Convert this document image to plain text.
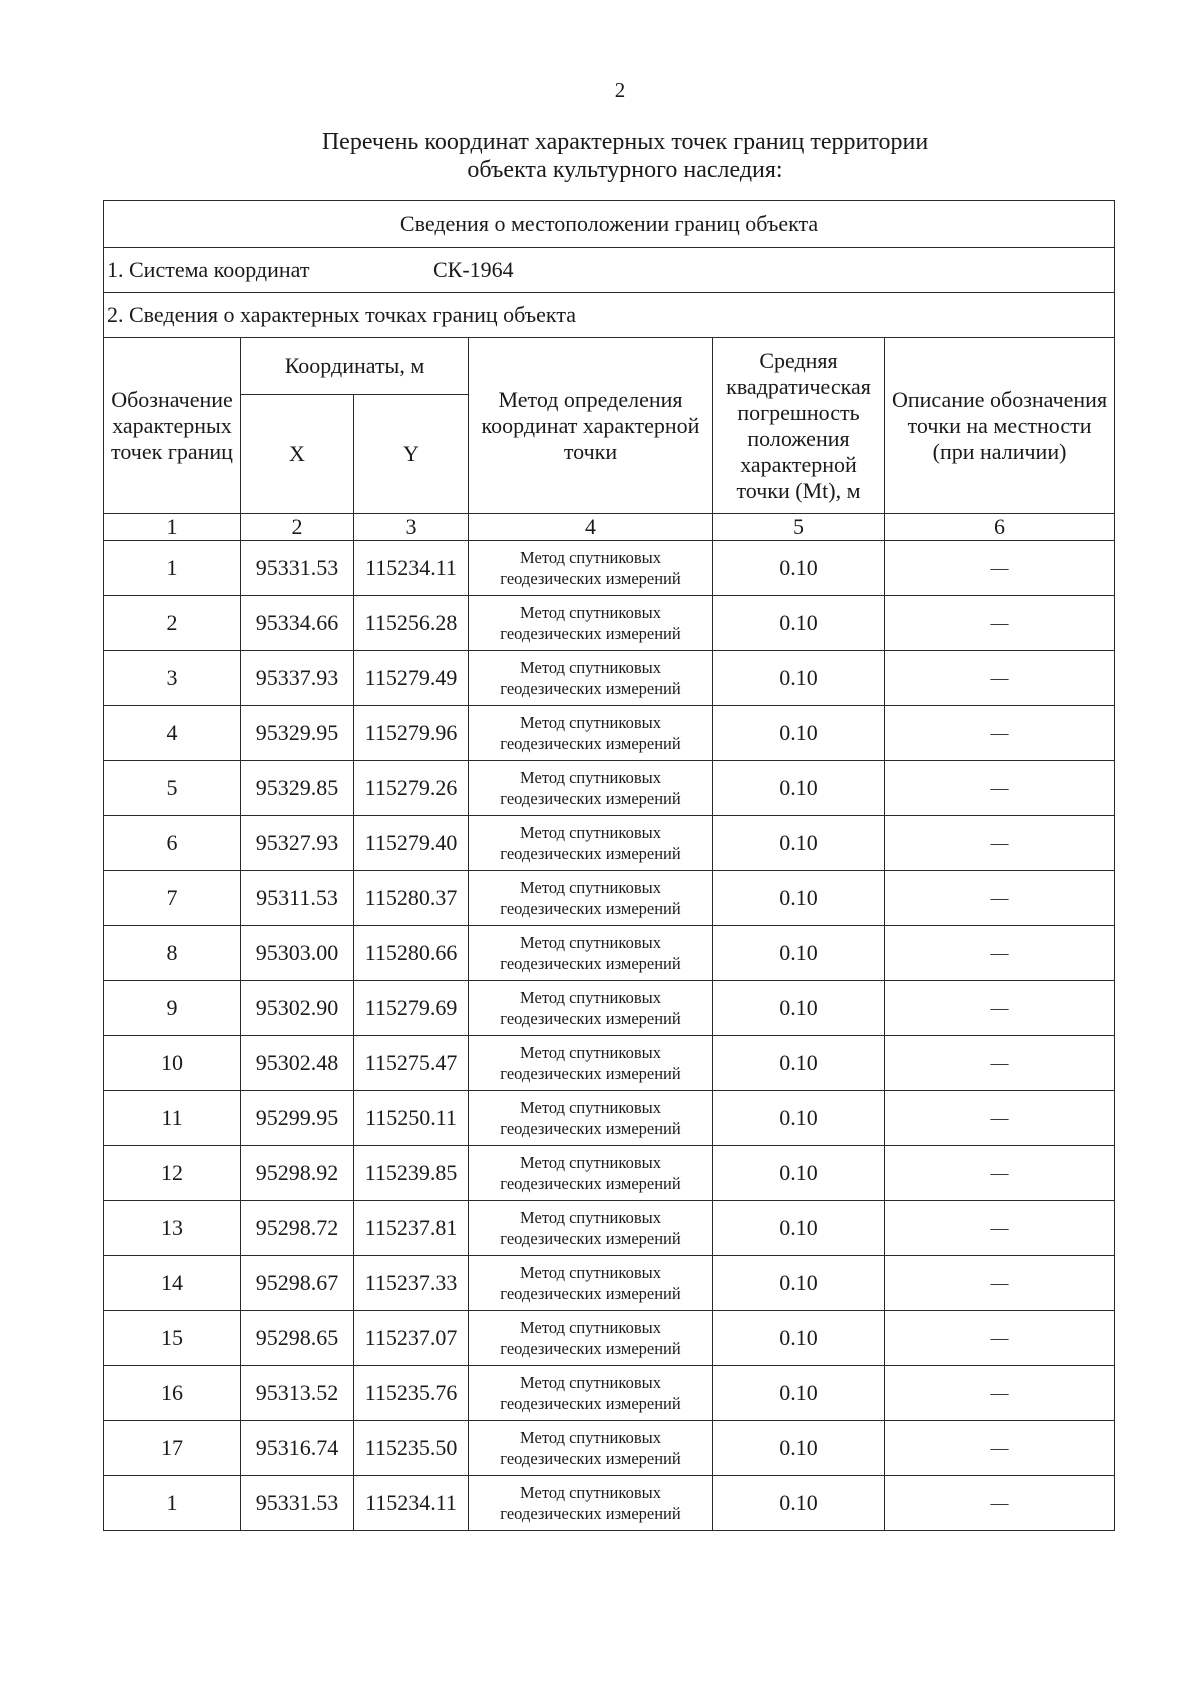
2
Перечень координат характерных точек границ территории
объекта культурного наследия:
Сведения о местоположении границ объекта					
1. Система координат СК-1964					
2. Сведения о характерных точках границ объекта					
Обозначение характерных точек границ	Координаты, м		Метод определения координат характерной точки	Средняя квадратическая погрешность положения характерной точки (Mt), м	Описание обозначения точки на местности (при наличии)
	X	Y			
1	2	3	4	5	6
1	95331.53	115234.11	Метод спутниковых геодезических измерений	0.10	—
2	95334.66	115256.28	Метод спутниковых геодезических измерений	0.10	—
3	95337.93	115279.49	Метод спутниковых геодезических измерений	0.10	—
4	95329.95	115279.96	Метод спутниковых геодезических измерений	0.10	—
5	95329.85	115279.26	Метод спутниковых геодезических измерений	0.10	—
6	95327.93	115279.40	Метод спутниковых геодезических измерений	0.10	—
7	95311.53	115280.37	Метод спутниковых геодезических измерений	0.10	—
8	95303.00	115280.66	Метод спутниковых геодезических измерений	0.10	—
9	95302.90	115279.69	Метод спутниковых геодезических измерений	0.10	—
10	95302.48	115275.47	Метод спутниковых геодезических измерений	0.10	—
11	95299.95	115250.11	Метод спутниковых геодезических измерений	0.10	—
12	95298.92	115239.85	Метод спутниковых геодезических измерений	0.10	—
13	95298.72	115237.81	Метод спутниковых геодезических измерений	0.10	—
14	95298.67	115237.33	Метод спутниковых геодезических измерений	0.10	—
15	95298.65	115237.07	Метод спутниковых геодезических измерений	0.10	—
16	95313.52	115235.76	Метод спутниковых геодезических измерений	0.10	—
17	95316.74	115235.50	Метод спутниковых геодезических измерений	0.10	—
1	95331.53	115234.11	Метод спутниковых геодезических измерений	0.10	—
